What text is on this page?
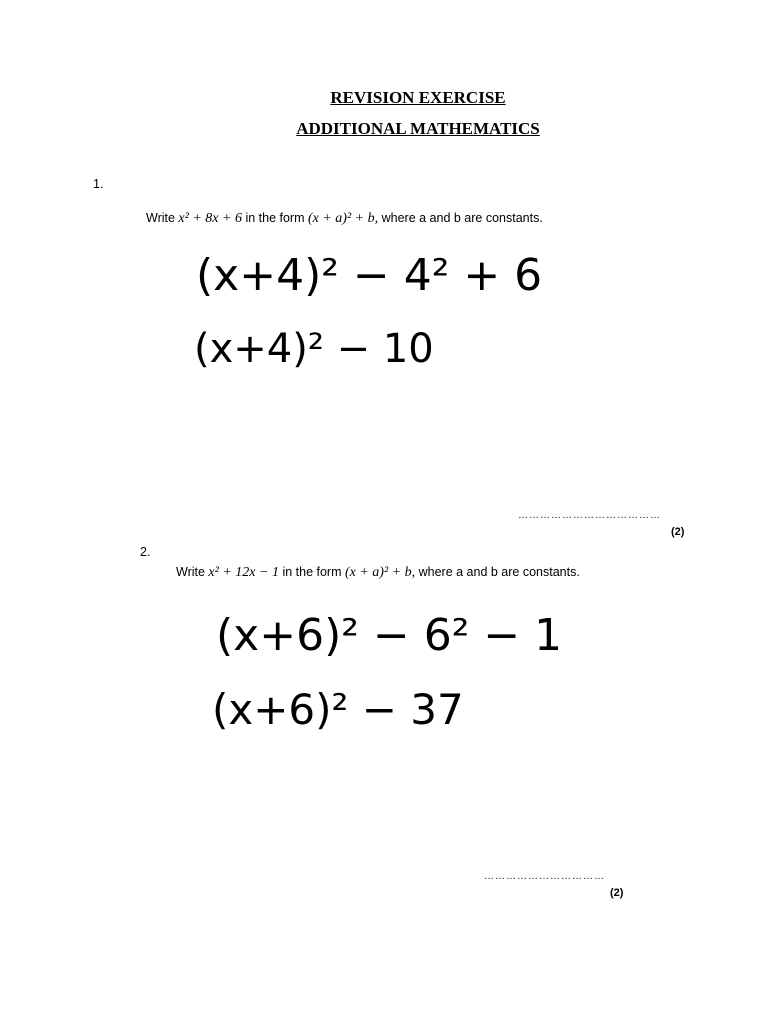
REVISION EXERCISE
ADDITIONAL MATHEMATICS
1.
Write x² + 8x + 6 in the form (x + a)² + b, where a and b are constants.
(x+4)² − 4² + 6
(x+4)² − 10
…………………………………
(2)
2.
Write x² + 12x − 1 in the form (x + a)² + b, where a and b are constants.
(x+6)² − 6² − 1
(x+6)² − 37
……………………………
(2)
